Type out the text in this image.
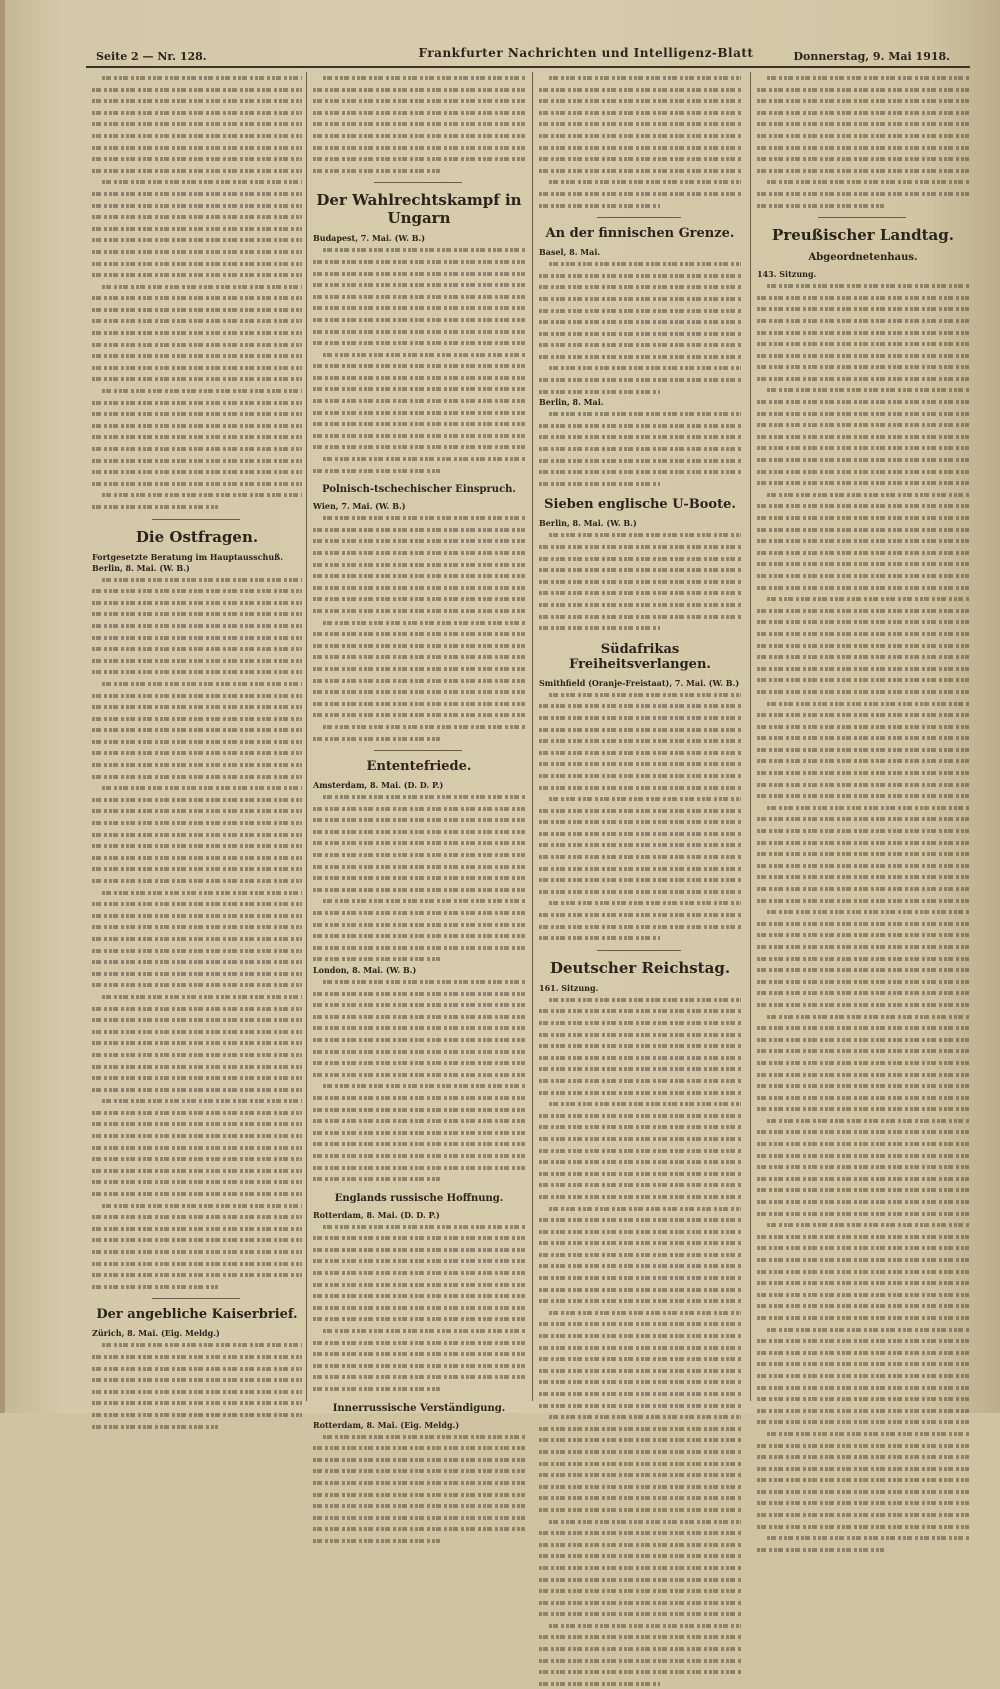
Seite 2 — Nr. 128.	Frankfurter Nachrichten und Intelligenz-Blatt	Donnerstag, 9. Mai 1918.
Die Ostfragen.
Fortgesetzte Beratung im Hauptausschuß. Berlin, 8. Mai. (W. B.)
Der angebliche Kaiserbrief.
Zürich, 8. Mai. (Eig. Meldg.)
Der Wahlrechtskampf in Ungarn
Budapest, 7. Mai. (W. B.)
Polnisch-tschechischer Einspruch.
Wien, 7. Mai. (W. B.)
Ententefriede.
Amsterdam, 8. Mai. (D. D. P.)
London, 8. Mai. (W. B.)
Englands russische Hoffnung.
Rotterdam, 8. Mai. (D. D. P.)
Innerrussische Verständigung.
Rotterdam, 8. Mai. (Eig. Meldg.)
An der finnischen Grenze.
Basel, 8. Mai.
Berlin, 8. Mai.
Sieben englische U-Boote.
Berlin, 8. Mai. (W. B.)
Südafrikas Freiheitsverlangen.
Smithfield (Oranje-Freistaat), 7. Mai. (W. B.)
Deutscher Reichstag.
161. Sitzung.
Preußischer Landtag.
Abgeordnetenhaus.
143. Sitzung.
